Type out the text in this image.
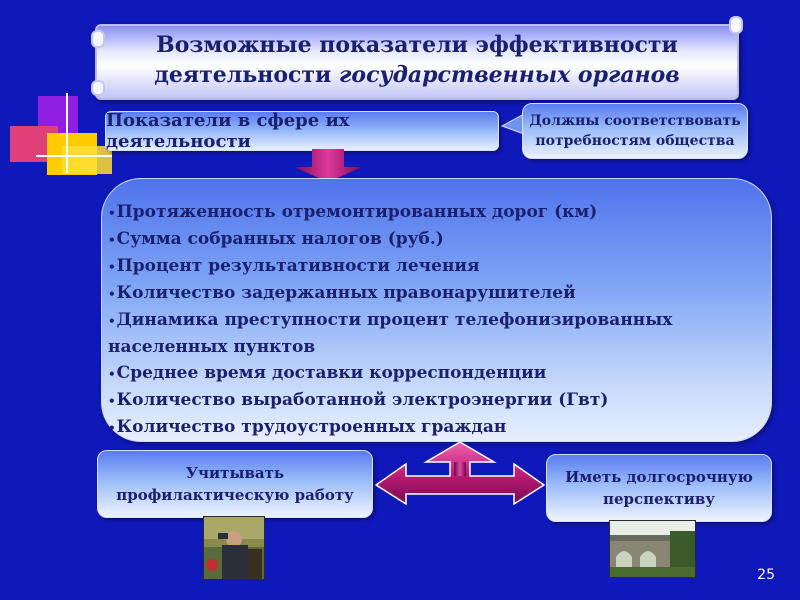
Возможные показатели эффективности
деятельности государственных органов
Показатели в сфере их деятельности
Должны соответствовать
потребностям общества
• Протяженность отремонтированных дорог (км)
• Сумма собранных налогов (руб.)
• Процент результативности лечения
• Количество задержанных правонарушителей
• Динамика преступности процент телефонизированных населенных пунктов
• Среднее время доставки корреспонденции
• Количество выработанной электроэнергии (Гвт)
• Количество трудоустроенных граждан
Учитывать
профилактическую работу
Иметь долгосрочную
перспективу
25
